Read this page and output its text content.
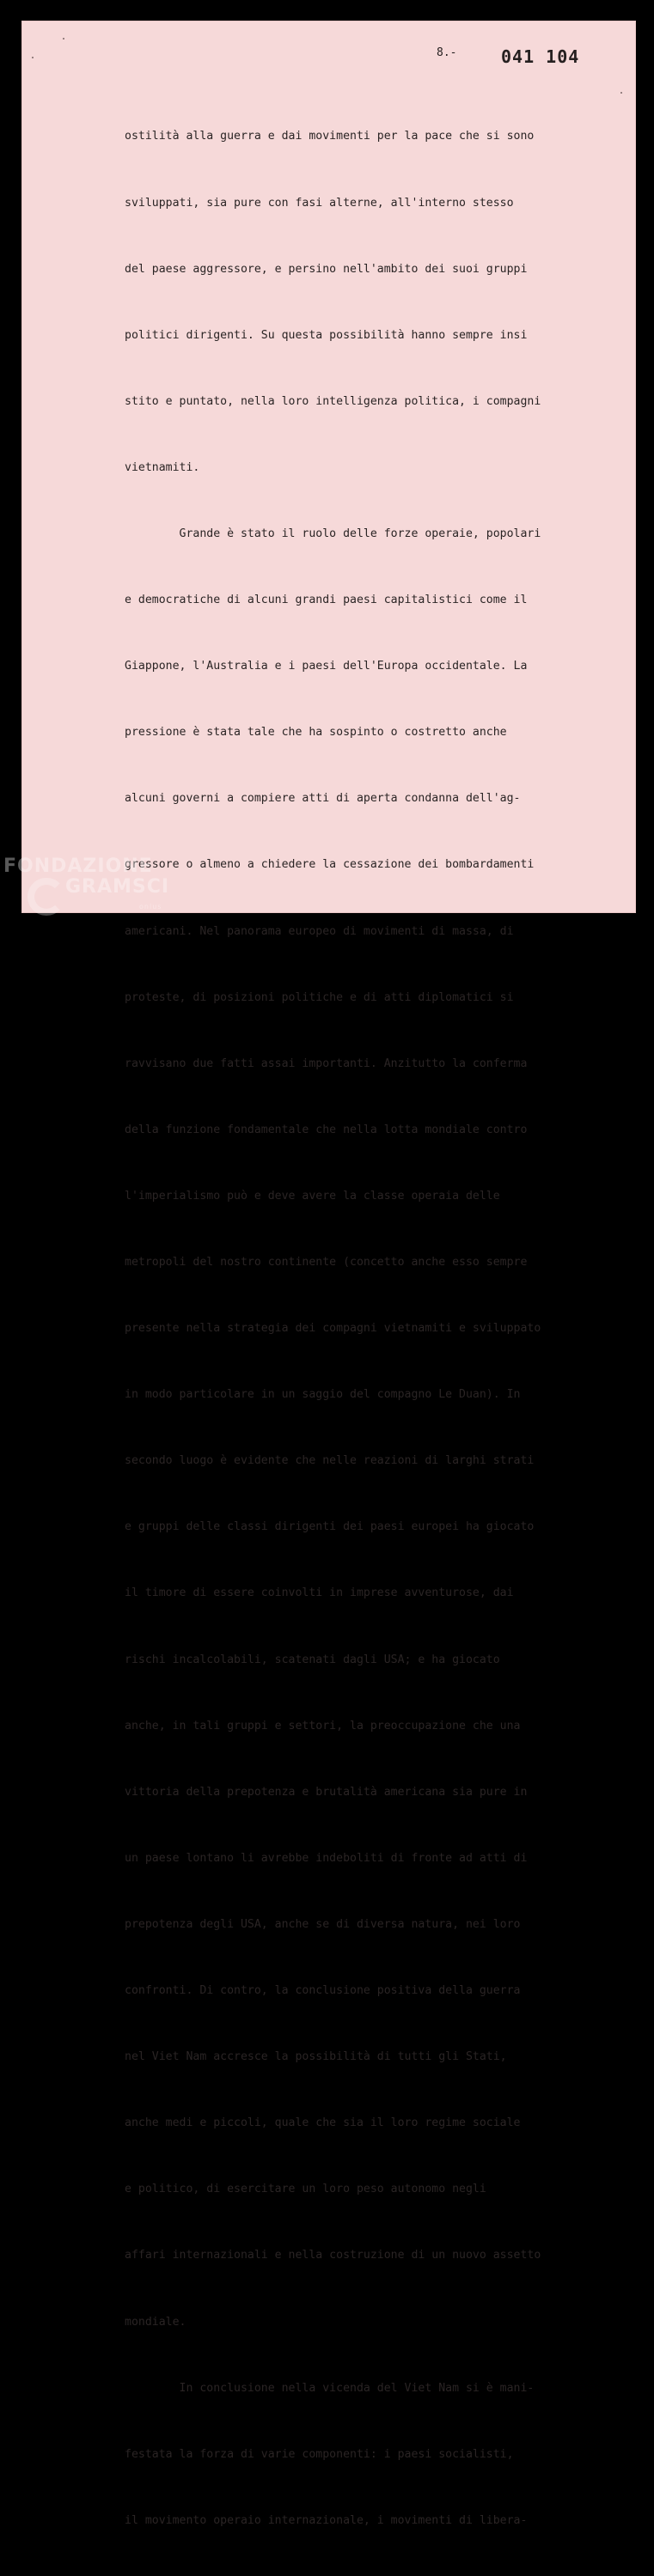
8.-	041 104

ostilità alla guerra e dai movimenti per la pace che si sono

sviluppati, sia pure con fasi alterne, all'interno stesso

del paese aggressore, e persino nell'ambito dei suoi gruppi

politici dirigenti. Su questa possibilità hanno sempre insi

stito e puntato, nella loro intelligenza politica, i compagni

vietnamiti.

Grande è stato il ruolo delle forze operaie, popolari

e democratiche di alcuni grandi paesi capitalistici come il

Giappone, l'Australia e i paesi dell'Europa occidentale. La

pressione è stata tale che ha sospinto o costretto anche

alcuni governi a compiere atti di aperta condanna dell'ag-

gressore o almeno a chiedere la cessazione dei bombardamenti

americani. Nel panorama europeo di movimenti di massa, di

proteste, di posizioni politiche e di atti diplomatici si

ravvisano due fatti assai importanti. Anzitutto la conferma

della funzione fondamentale che nella lotta mondiale contro

l'imperialismo può e deve avere la classe operaia delle

metropoli del nostro continente (concetto anche esso sempre

presente nella strategia dei compagni vietnamiti e sviluppato

in modo particolare in un saggio del compagno Le Duan). In

secondo luogo è evidente che nelle reazioni di larghi strati

e gruppi delle classi dirigenti dei paesi europei ha giocato

il timore di essere coinvolti in imprese avventurose, dai

rischi incalcolabili, scatenati dagli USA; e ha giocato

anche, in tali gruppi e settori, la preoccupazione che una

vittoria della prepotenza e brutalità americana sia pure in

un paese lontano li avrebbe indeboliti di fronte ad atti di

prepotenza degli USA, anche se di diversa natura, nei loro

confronti. Di contro, la conclusione positiva della guerra

nel Viet Nam accresce la possibilità di tutti gli Stati,

anche medi e piccoli, quale che sia il loro regime sociale

e politico, di esercitare un loro peso autonomo negli

affari internazionali e nella costruzione di un nuovo assetto

mondiale.

In conclusione nella vicenda del Viet Nam si è mani-

festata la forza di varie componenti: i paesi socialisti,

il movimento operaio internazionale, i movimenti di libera-

FONDAZIONE
GRAMSCI
onlus
